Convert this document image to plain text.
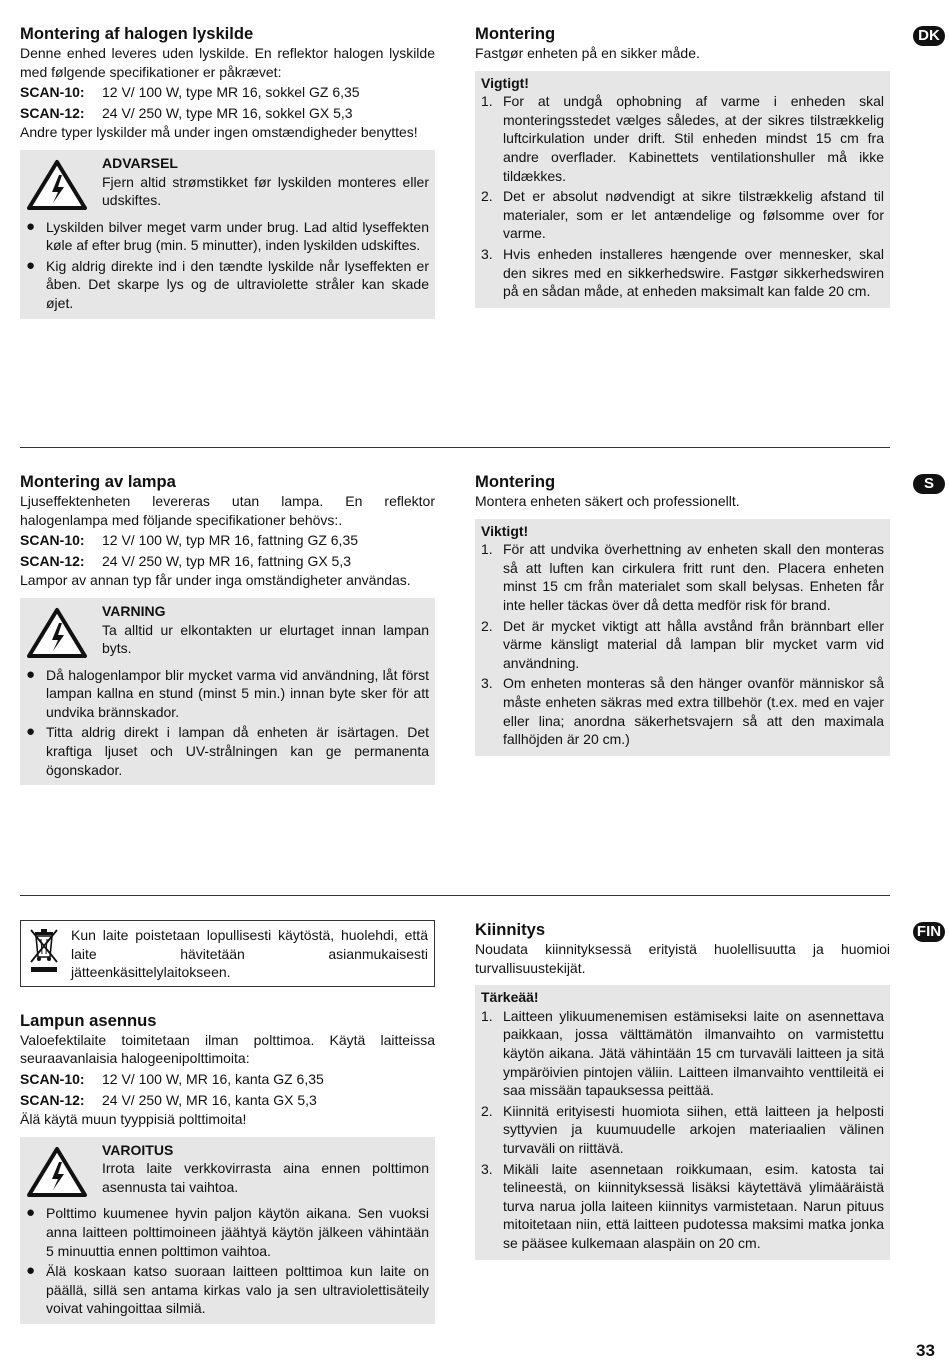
DK
Montering af halogen lyskilde

Denne enhed leveres uden lyskilde. En reflektor halogen lyskilde med følgende specifikationer er påkrævet:

SCAN-10:	12 V/ 100 W, type MR 16, sokkel GZ 6,35
SCAN-12:	24 V/ 250 W, type MR 16, sokkel GX 5,3

Andre typer lyskilder må under ingen omstændigheder benyttes!

ADVARSEL

Fjern altid strømstikket før lyskilden monteres eller udskiftes.

● Lyskilden bilver meget varm under brug. Lad altid lyseffekten køle af efter brug (min. 5 minutter), inden lyskilden udskiftes.

● Kig aldrig direkte ind i den tændte lyskilde når lyseffekten er åben. Det skarpe lys og de ultraviolette stråler kan skade øjet.

Montering

Fastgør enheten på en sikker måde.

Vigtigt!
1. For at undgå ophobning af varme i enheden skal monteringsstedet vælges således, at der sikres tilstrækkelig luftcirkulation under drift. Stil enheden mindst 15 cm fra andre overflader. Kabinettets ventilationshuller må ikke tildækkes.

2. Det er absolut nødvendigt at sikre tilstrækkelig afstand til materialer, som er let antændelige og følsomme over for varme.

3. Hvis enheden installeres hængende over mennesker, skal den sikres med en sikkerhedswire. Fastgør sikkerhedswiren på en sådan måde, at enheden maksimalt kan falde 20 cm.

S
Montering av lampa

Ljuseffektenheten levereras utan lampa. En reflektor halogenlampa med följande specifikationer behövs:.

SCAN-10:	12 V/ 100 W, typ MR 16, fattning GZ 6,35
SCAN-12:	24 V/ 250 W, typ MR 16, fattning GX 5,3

Lampor av annan typ får under inga omständigheter användas.

VARNING

Ta alltid ur elkontakten ur elurtaget innan lampan byts.

● Då halogenlampor blir mycket varma vid användning, låt först lampan kallna en stund (minst 5 min.) innan byte sker för att undvika brännskador.

● Titta aldrig direkt i lampan då enheten är isärtagen. Det kraftiga ljuset och UV-strålningen kan ge permanenta ögonskador.

Montering

Montera enheten säkert och professionellt.

Viktigt!
1. För att undvika överhettning av enheten skall den monteras så att luften kan cirkulera fritt runt den. Placera enheten minst 15 cm från materialet som skall belysas. Enheten får inte heller täckas över då detta medför risk för brand.

2. Det är mycket viktigt att hålla avstånd från brännbart eller värme känsligt material då lampan blir mycket varm vid användning.

3. Om enheten monteras så den hänger ovanför människor så måste enheten säkras med extra tillbehör (t.ex. med en vajer eller lina; anordna säkerhetsvajern så att den maximala fallhöjden är 20 cm.)

FIN

Kun laite poistetaan lopullisesti käytöstä, huolehdi, että laite hävitetään asianmukaisesti jätteenkäsittelylaitokseen.

Lampun asennus

Valoefektilaite toimitetaan ilman polttimoa. Käytä laitteissa seuraavanlaisia halogeenipolttimoita:

SCAN-10:	12 V/ 100 W, MR 16, kanta GZ 6,35
SCAN-12:	24 V/ 250 W, MR 16, kanta GX 5,3

Älä käytä muun tyyppisiä polttimoita!

VAROITUS

Irrota laite verkkovirrasta aina ennen polttimon asennusta tai vaihtoa.

● Polttimo kuumenee hyvin paljon käytön aikana. Sen vuoksi anna laitteen polttimoineen jäähtyä käytön jälkeen vähintään 5 minuuttia ennen polttimon vaihtoa.

● Älä koskaan katso suoraan laitteen polttimoa kun laite on päällä, sillä sen antama kirkas valo ja sen ultraviolettisäteily voivat vahingoittaa silmiä.

Kiinnitys

Noudata kiinnityksessä erityistä huolellisuutta ja huomioi turvallisuustekijät.

Tärkeää!
1. Laitteen ylikuumenemisen estämiseksi laite on asennettava paikkaan, jossa välttämätön ilmanvaihto on varmistettu käytön aikana. Jätä vähintään 15 cm turvaväli laitteen ja sitä ympäröivien pintojen väliin. Laitteen ilmanvaihto venttileitä ei saa missään tapauksessa peittää.

2. Kiinnitä erityisesti huomiota siihen, että laitteen ja helposti syttyvien ja kuumuudelle arkojen materiaalien välinen turvaväli on riittävä.

3. Mikäli laite asennetaan roikkumaan, esim. katosta tai telineestä, on kiinnityksessä lisäksi käytettävä ylimääräistä turva narua jolla laiteen kiinnitys varmistetaan. Narun pituus mitoitetaan niin, että laitteen pudotessa maksimi matka jonka se pääsee kulkemaan alaspäin on 20 cm.

33
